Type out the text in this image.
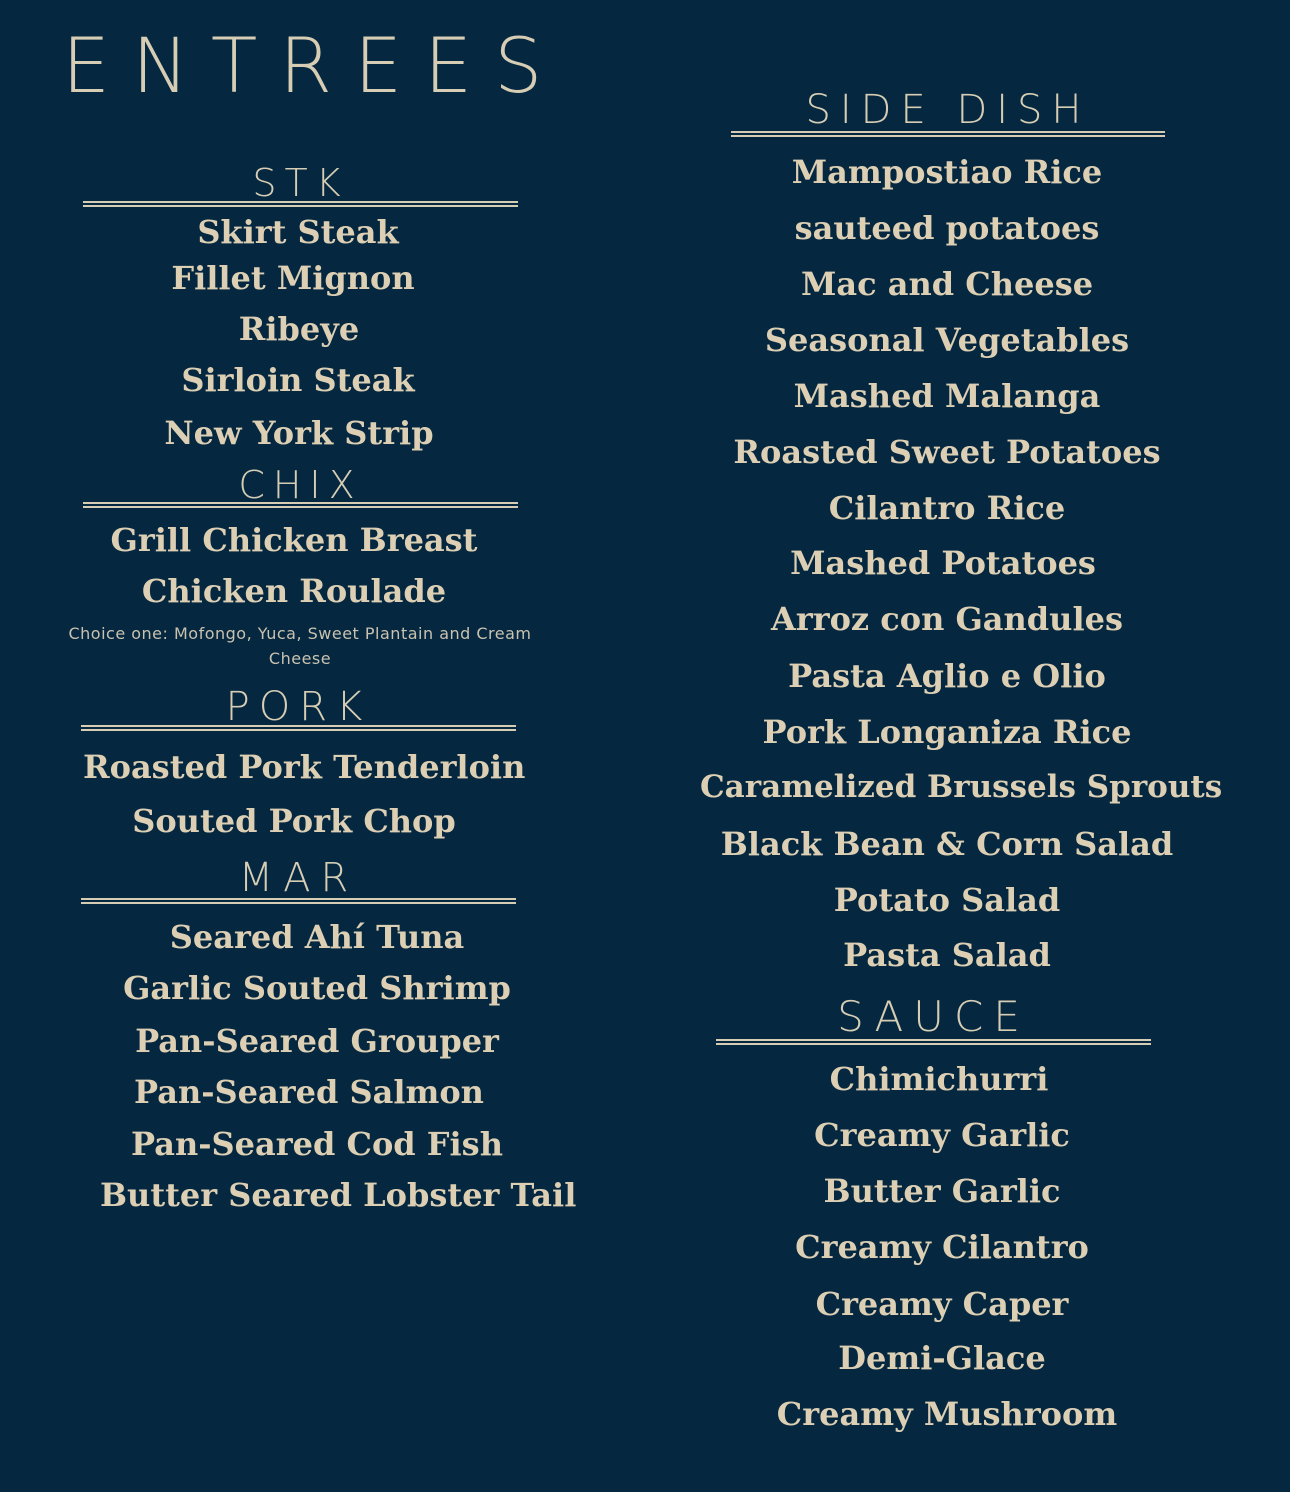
ENTREES
STK
Skirt Steak
Fillet Mignon
Ribeye
Sirloin Steak
New York Strip
CHIX
Grill Chicken Breast
Chicken Roulade
Choice one: Mofongo, Yuca, Sweet Plantain and Cream Cheese
PORK
Roasted Pork Tenderloin
Souted Pork Chop
MAR
Seared Ahí Tuna
Garlic Souted Shrimp
Pan-Seared Grouper
Pan-Seared Salmon
Pan-Seared Cod Fish
Butter Seared Lobster Tail
SIDE DISH
Mampostiao Rice
sauteed potatoes
Mac and Cheese
Seasonal Vegetables
Mashed Malanga
Roasted Sweet Potatoes
Cilantro Rice
Mashed Potatoes
Arroz con Gandules
Pasta Aglio e Olio
Pork Longaniza Rice
Caramelized Brussels Sprouts
Black Bean & Corn Salad
Potato Salad
Pasta Salad
SAUCE
Chimichurri
Creamy Garlic
Butter Garlic
Creamy Cilantro
Creamy Caper
Demi-Glace
Creamy Mushroom
